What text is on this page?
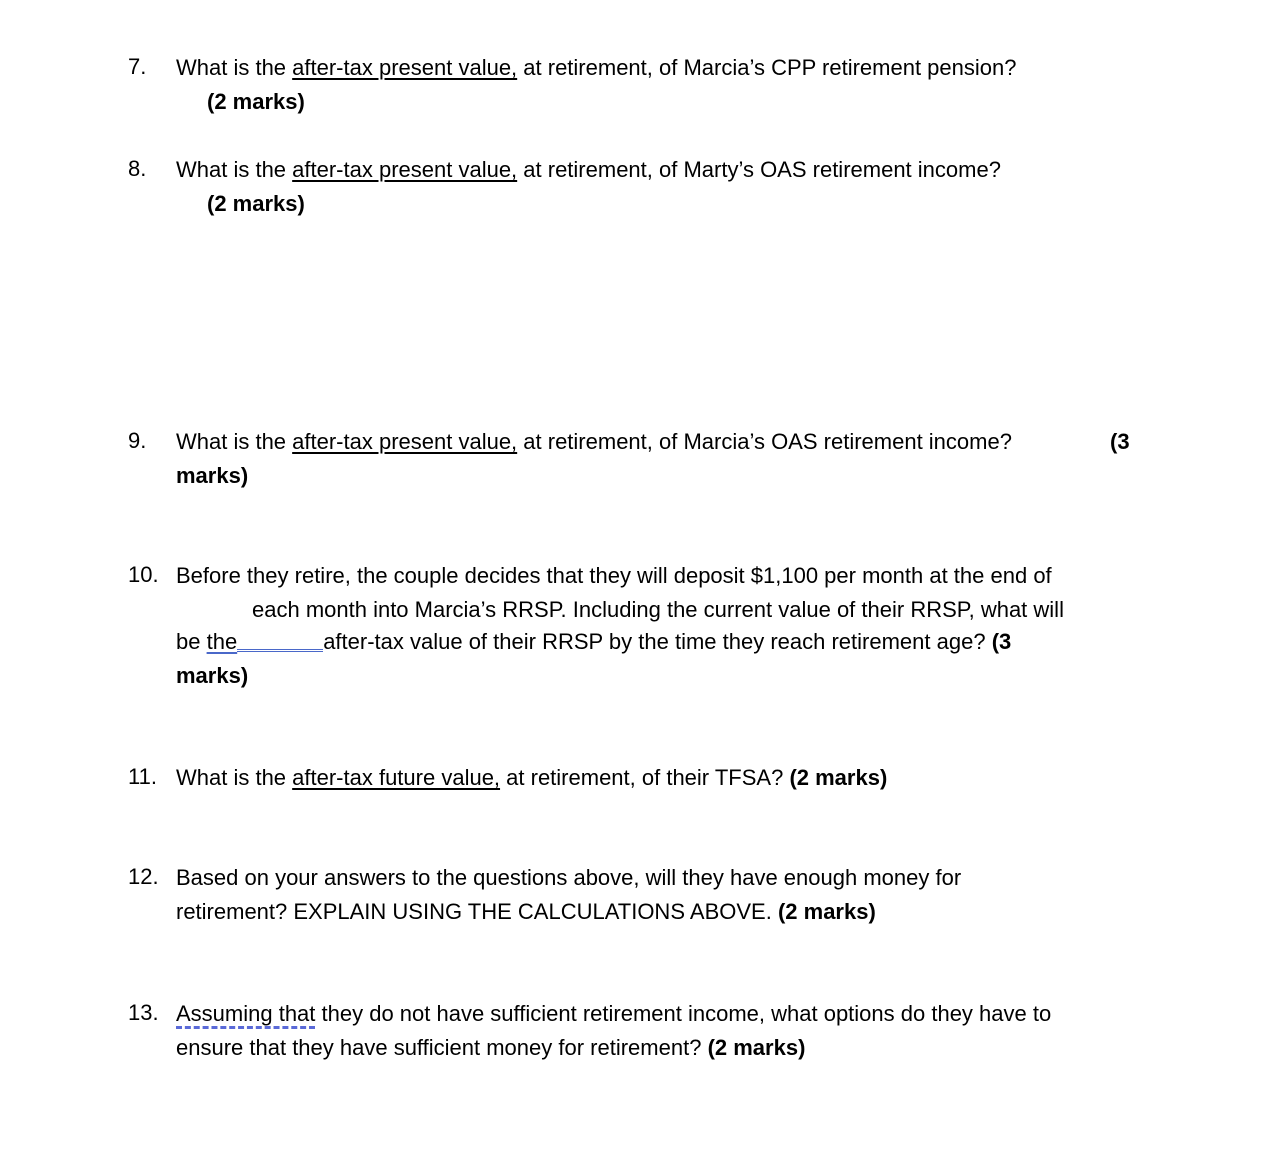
7. What is the after-tax present value, at retirement, of Marcia’s CPP retirement pension?
(2 marks)
8. What is the after-tax present value, at retirement, of Marty’s OAS retirement income?
(2 marks)
9. What is the after-tax present value, at retirement, of Marcia’s OAS retirement income?	(3
marks)
10. Before they retire, the couple decides that they will deposit $1,100 per month at the end of
each month into Marcia’s RRSP. Including the current value of their RRSP, what will
be the	after-tax value of their RRSP by the time they reach retirement age? (3
marks)
11. What is the after-tax future value, at retirement, of their TFSA? (2 marks)
12. Based on your answers to the questions above, will they have enough money for
retirement? EXPLAIN USING THE CALCULATIONS ABOVE. (2 marks)
13. Assuming that they do not have sufficient retirement income, what options do they have to
ensure that they have sufficient money for retirement? (2 marks)
